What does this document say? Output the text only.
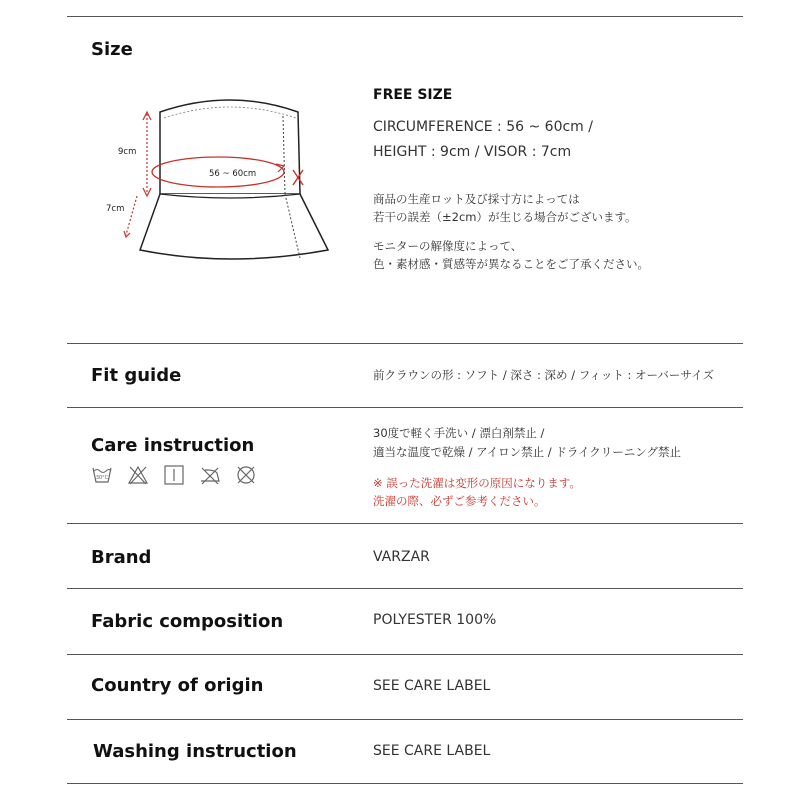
Size
9cm
7cm
56 ~ 60cm
FREE SIZE
CIRCUMFERENCE : 56 ~ 60cm /
HEIGHT : 9cm / VISOR : 7cm
商品の生産ロット及び採寸方によっては
若干の誤差（±2cm）が生じる場合がございます。
モニターの解像度によって、
色・素材感・質感等が異なることをご了承ください。
Fit guide	前クラウンの形 : ソフト / 深さ : 深め / フィット : オーバーサイズ
Care instruction
30°C
30度で軽く手洗い / 漂白剤禁止 /
適当な温度で乾燥 / アイロン禁止 / ドライクリーニング禁止
※ 誤った洗濯は変形の原因になります。
洗濯の際、必ずご参考ください。
Brand	VARZAR
Fabric composition	POLYESTER 100%
Country of origin	SEE CARE LABEL
Washing instruction	SEE CARE LABEL
